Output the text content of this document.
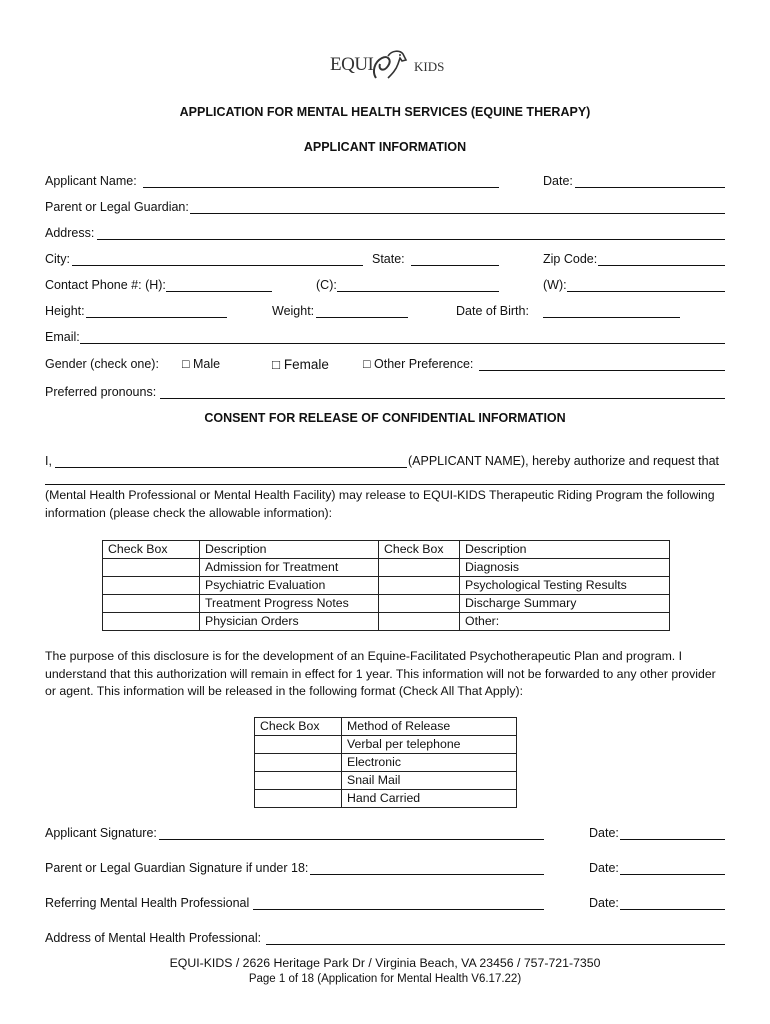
EQUI	KIDS
APPLICATION FOR MENTAL HEALTH SERVICES (EQUINE THERAPY)
APPLICANT INFORMATION
Applicant Name:	Date:
Parent or Legal Guardian:
Address:
City:	State:	Zip Code:
Contact Phone #: (H):	(C):	(W):
Height:	Weight:	Date of Birth:
Email:
Gender (check one): □ Male	□ Female	□ Other Preference:
Preferred pronouns:
CONSENT FOR RELEASE OF CONFIDENTIAL INFORMATION
I,	(APPLICANT NAME), hereby authorize and request that
(Mental Health Professional or Mental Health Facility) may release to EQUI-KIDS Therapeutic Riding Program the following information (please check the allowable information):
Check Box	Description	Check Box	Description
	Admission for Treatment		Diagnosis
	Psychiatric Evaluation		Psychological Testing Results
	Treatment Progress Notes		Discharge Summary
	Physician Orders		Other:
The purpose of this disclosure is for the development of an Equine-Facilitated Psychotherapeutic Plan and program. I understand that this authorization will remain in effect for 1 year. This information will not be forwarded to any other provider or agent. This information will be released in the following format (Check All That Apply):
Check Box	Method of Release
	Verbal per telephone
	Electronic
	Snail Mail
	Hand Carried
Applicant Signature:	Date:
Parent or Legal Guardian Signature if under 18:	Date:
Referring Mental Health Professional	Date:
Address of Mental Health Professional:
EQUI-KIDS / 2626 Heritage Park Dr / Virginia Beach, VA 23456 / 757-721-7350
Page 1 of 18 (Application for Mental Health V6.17.22)
